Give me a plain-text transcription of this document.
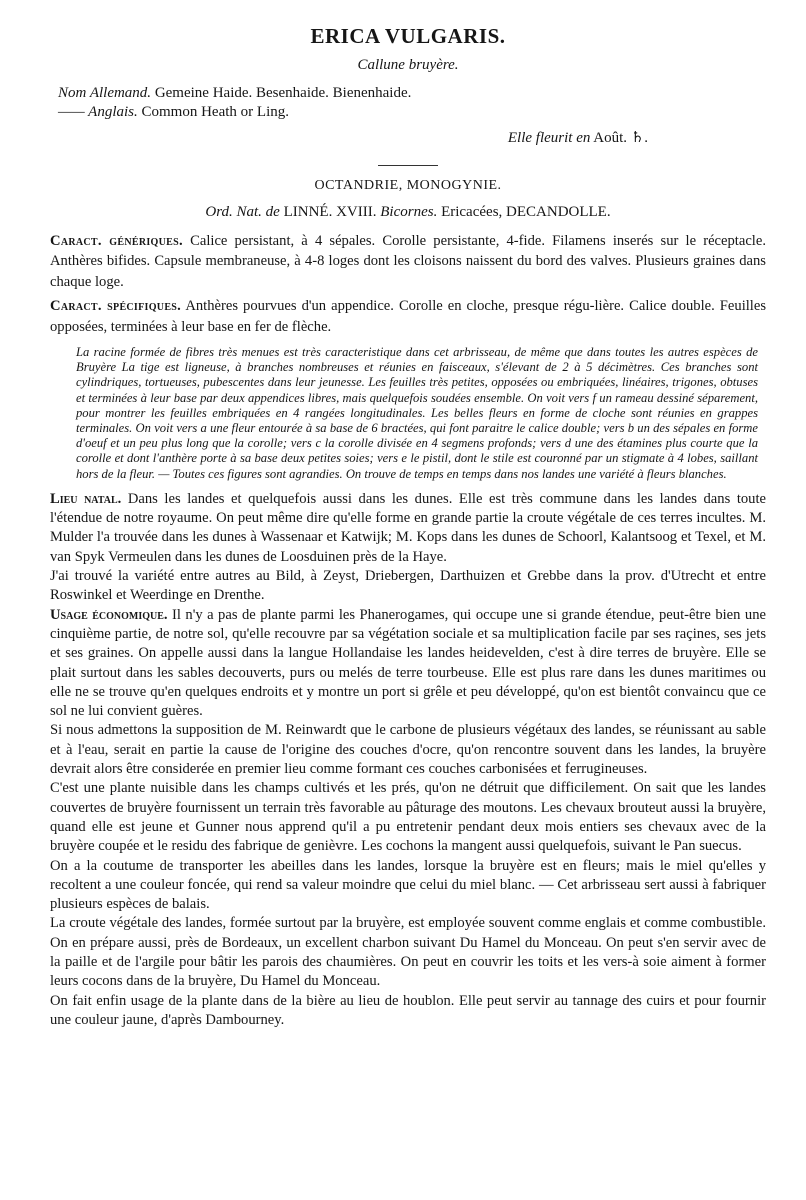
ERICA VULGARIS.
Callune bruyère.
Nom Allemand. Gemeine Haide. Besenhaide. Bienenhaide.
—— Anglais. Common Heath or Ling.
Elle fleurit en Août. ♄.
OCTANDRIE, MONOGYNIE.
Ord. Nat. de LINNÉ. XVIII. Bicornes. Ericacées, DECANDOLLE.

Caract. génériques. Calice persistant, à 4 sépales. Corolle persistante, 4-fide. Filamens inserés sur le réceptacle. Anthères bifides. Capsule membraneuse, à 4-8 loges dont les cloisons naissent du bord des valves. Plusieurs graines dans chaque loge.

Caract. spécifiques. Anthères pourvues d'un appendice. Corolle en cloche, presque régu-lière. Calice double. Feuilles opposées, terminées à leur base en fer de flèche.

La racine formée de fibres très menues est très caracteristique dans cet arbrisseau, de même que dans toutes les autres espèces de Bruyère La tige est ligneuse, à branches nombreuses et réunies en faisceaux, s'élevant de 2 à 5 décimètres. Ces branches sont cylindriques, tortueuses, pubescentes dans leur jeunesse. Les feuilles très petites, opposées ou embriquées, linéaires, trigones, obtuses et terminées à leur base par deux appendices libres, mais quelquefois soudées ensemble. On voit vers f un rameau dessiné séparement, pour montrer les feuilles embriquées en 4 rangées longitudinales. Les belles fleurs en forme de cloche sont réunies en grappes terminales. On voit vers a une fleur entourée à sa base de 6 bractées, qui font paraitre le calice double; vers b un des sépales en forme d'oeuf et un peu plus long que la corolle; vers c la corolle divisée en 4 segmens profonds; vers d une des étamines plus courte que la corolle et dont l'anthère porte à sa base deux petites soies; vers e le pistil, dont le stile est couronné par un stigmate à 4 lobes, saillant hors de la fleur. — Toutes ces figures sont agrandies. On trouve de temps en temps dans nos landes une variété à fleurs blanches.

Lieu natal. Dans les landes et quelquefois aussi dans les dunes. Elle est très commune dans les landes dans toute l'étendue de notre royaume. On peut même dire qu'elle forme en grande partie la croute végétale de ces terres incultes. M. Mulder l'a trouvée dans les dunes à Wassenaar et Katwijk; M. Kops dans les dunes de Schoorl, Kalantsoog et Texel, et M. van Spyk Vermeulen dans les dunes de Loosduinen près de la Haye.

J'ai trouvé la variété entre autres au Bild, à Zeyst, Driebergen, Darthuizen et Grebbe dans la prov. d'Utrecht et entre Roswinkel et Weerdinge en Drenthe.

Usage économique. Il n'y a pas de plante parmi les Phanerogames, qui occupe une si grande étendue, peut-être bien une cinquième partie, de notre sol, qu'elle recouvre par sa végétation sociale et sa multiplication facile par ses raçines, ses jets et ses graines. On appelle aussi dans la langue Hollandaise les landes heidevelden, c'est à dire terres de bruyère. Elle se plait surtout dans les sables decouverts, purs ou melés de terre tourbeuse. Elle est plus rare dans les dunes maritimes ou elle ne se trouve qu'en quelques endroits et y montre un port si grêle et peu développé, qu'on est bientôt convaincu que ce sol ne lui convient guères.

Si nous admettons la supposition de M. Reinwardt que le carbone de plusieurs végétaux des landes, se réunissant au sable et à l'eau, serait en partie la cause de l'origine des couches d'ocre, qu'on rencontre souvent dans les landes, la bruyère devrait alors être considerée en premier lieu comme formant ces couches carbonisées et ferrugineuses.

C'est une plante nuisible dans les champs cultivés et les prés, qu'on ne détruit que difficilement. On sait que les landes couvertes de bruyère fournissent un terrain très favorable au pâturage des moutons. Les chevaux brouteut aussi la bruyère, quand elle est jeune et Gunner nous apprend qu'il a pu entretenir pendant deux mois entiers ses chevaux avec de la bruyère coupée et le residu des fabrique de genièvre. Les cochons la mangent aussi quelquefois, suivant le Pan suecus.

On a la coutume de transporter les abeilles dans les landes, lorsque la bruyère est en fleurs; mais le miel qu'elles y recoltent a une couleur foncée, qui rend sa valeur moindre que celui du miel blanc. — Cet arbrisseau sert aussi à fabriquer plusieurs espèces de balais.

La croute végétale des landes, formée surtout par la bruyère, est employée souvent comme englais et comme combustible. On en prépare aussi, près de Bordeaux, un excellent charbon suivant Du Hamel du Monceau. On peut s'en servir avec de la paille et de l'argile pour bâtir les parois des chaumières. On peut en couvrir les toits et les vers-à soie aiment à former leurs cocons dans de la bruyère, Du Hamel du Monceau.

On fait enfin usage de la plante dans de la bière au lieu de houblon. Elle peut servir au tannage des cuirs et pour fournir une couleur jaune, d'après Dambourney.
